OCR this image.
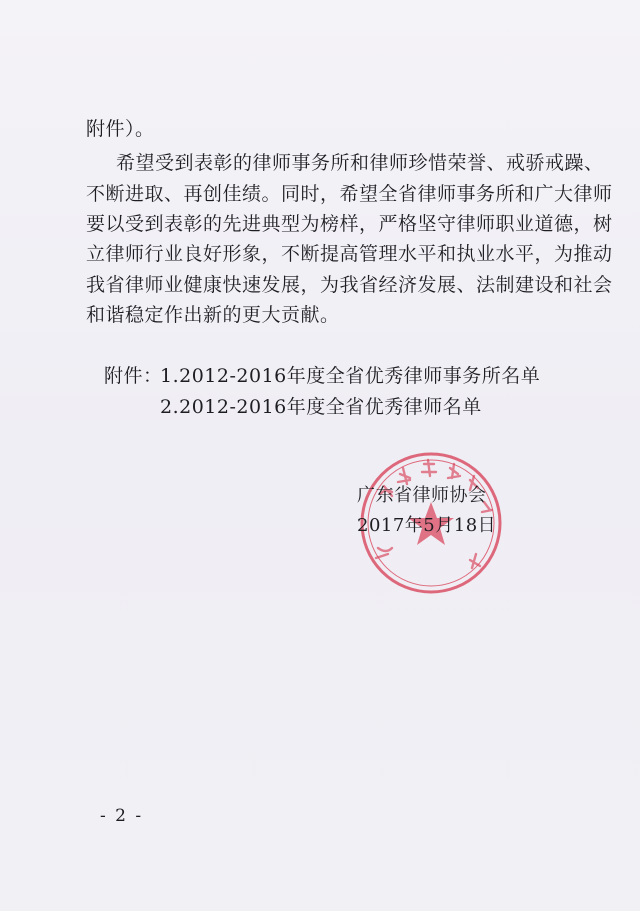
附件）。
希望受到表彰的律师事务所和律师珍惜荣誉、戒骄戒躁、
不断进取、再创佳绩。同时，希望全省律师事务所和广大律师
要以受到表彰的先进典型为榜样，严格坚守律师职业道德，树
立律师行业良好形象，不断提高管理水平和执业水平，为推动
我省律师业健康快速发展，为我省经济发展、法制建设和社会
和谐稳定作出新的更大贡献。
附件：
1.2012-2016年度全省优秀律师事务所名单
2.2012-2016年度全省优秀律师名单
广东省律师协会
2017年5月18日
- 2 -
